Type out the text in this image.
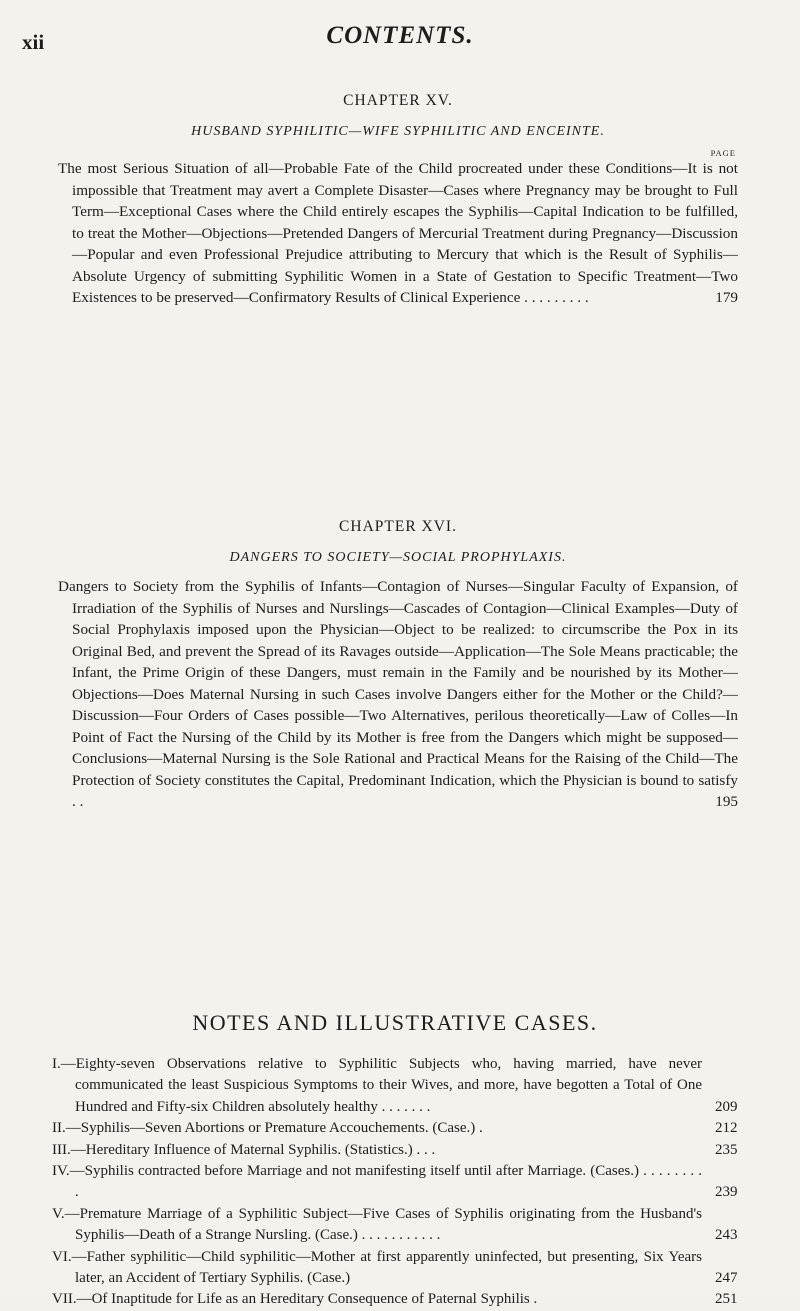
xii	CONTENTS.
CHAPTER XV.
HUSBAND SYPHILITIC—WIFE SYPHILITIC AND ENCEINTE.
PAGE
The most Serious Situation of all—Probable Fate of the Child procreated under these Conditions—It is not impossible that Treatment may avert a Complete Disaster—Cases where Pregnancy may be brought to Full Term—Exceptional Cases where the Child entirely escapes the Syphilis—Capital Indication to be fulfilled, to treat the Mother—Objections—Pretended Dangers of Mercurial Treatment during Pregnancy—Discussion—Popular and even Professional Prejudice attributing to Mercury that which is the Result of Syphilis—Absolute Urgency of submitting Syphilitic Women in a State of Gestation to Specific Treatment—Two Existences to be preserved—Confirmatory Results of Clinical Experience . . . . . . . . .	179
CHAPTER XVI.
DANGERS TO SOCIETY—SOCIAL PROPHYLAXIS.
Dangers to Society from the Syphilis of Infants—Contagion of Nurses—Singular Faculty of Expansion, of Irradiation of the Syphilis of Nurses and Nurslings—Cascades of Contagion—Clinical Examples—Duty of Social Prophylaxis imposed upon the Physician—Object to be realized: to circumscribe the Pox in its Original Bed, and prevent the Spread of its Ravages outside—Application—The Sole Means practicable; the Infant, the Prime Origin of these Dangers, must remain in the Family and be nourished by its Mother—Objections—Does Maternal Nursing in such Cases involve Dangers either for the Mother or the Child?—Discussion—Four Orders of Cases possible—Two Alternatives, perilous theoretically—Law of Colles—In Point of Fact the Nursing of the Child by its Mother is free from the Dangers which might be supposed—Conclusions—Maternal Nursing is the Sole Rational and Practical Means for the Raising of the Child—The Protection of Society constitutes the Capital, Predominant Indication, which the Physician is bound to satisfy . .	195
NOTES AND ILLUSTRATIVE CASES.
I.—Eighty-seven Observations relative to Syphilitic Subjects who, having married, have never communicated the least Suspicious Symptoms to their Wives, and more, have begotten a Total of One Hundred and Fifty-six Children absolutely healthy . . . . . . .	209
II.—Syphilis—Seven Abortions or Premature Accouchements. (Case.) .	212
III.—Hereditary Influence of Maternal Syphilis. (Statistics.) . . .	235
IV.—Syphilis contracted before Marriage and not manifesting itself until after Marriage. (Cases.) . . . . . . . . .	239
V.—Premature Marriage of a Syphilitic Subject—Five Cases of Syphilis originating from the Husband's Syphilis—Death of a Strange Nursling. (Case.) . . . . . . . . . . .	243
VI.—Father syphilitic—Child syphilitic—Mother at first apparently uninfected, but presenting, Six Years later, an Accident of Tertiary Syphilis. (Case.)	247
VII.—Of Inaptitude for Life as an Hereditary Consequence of Paternal Syphilis .	251
